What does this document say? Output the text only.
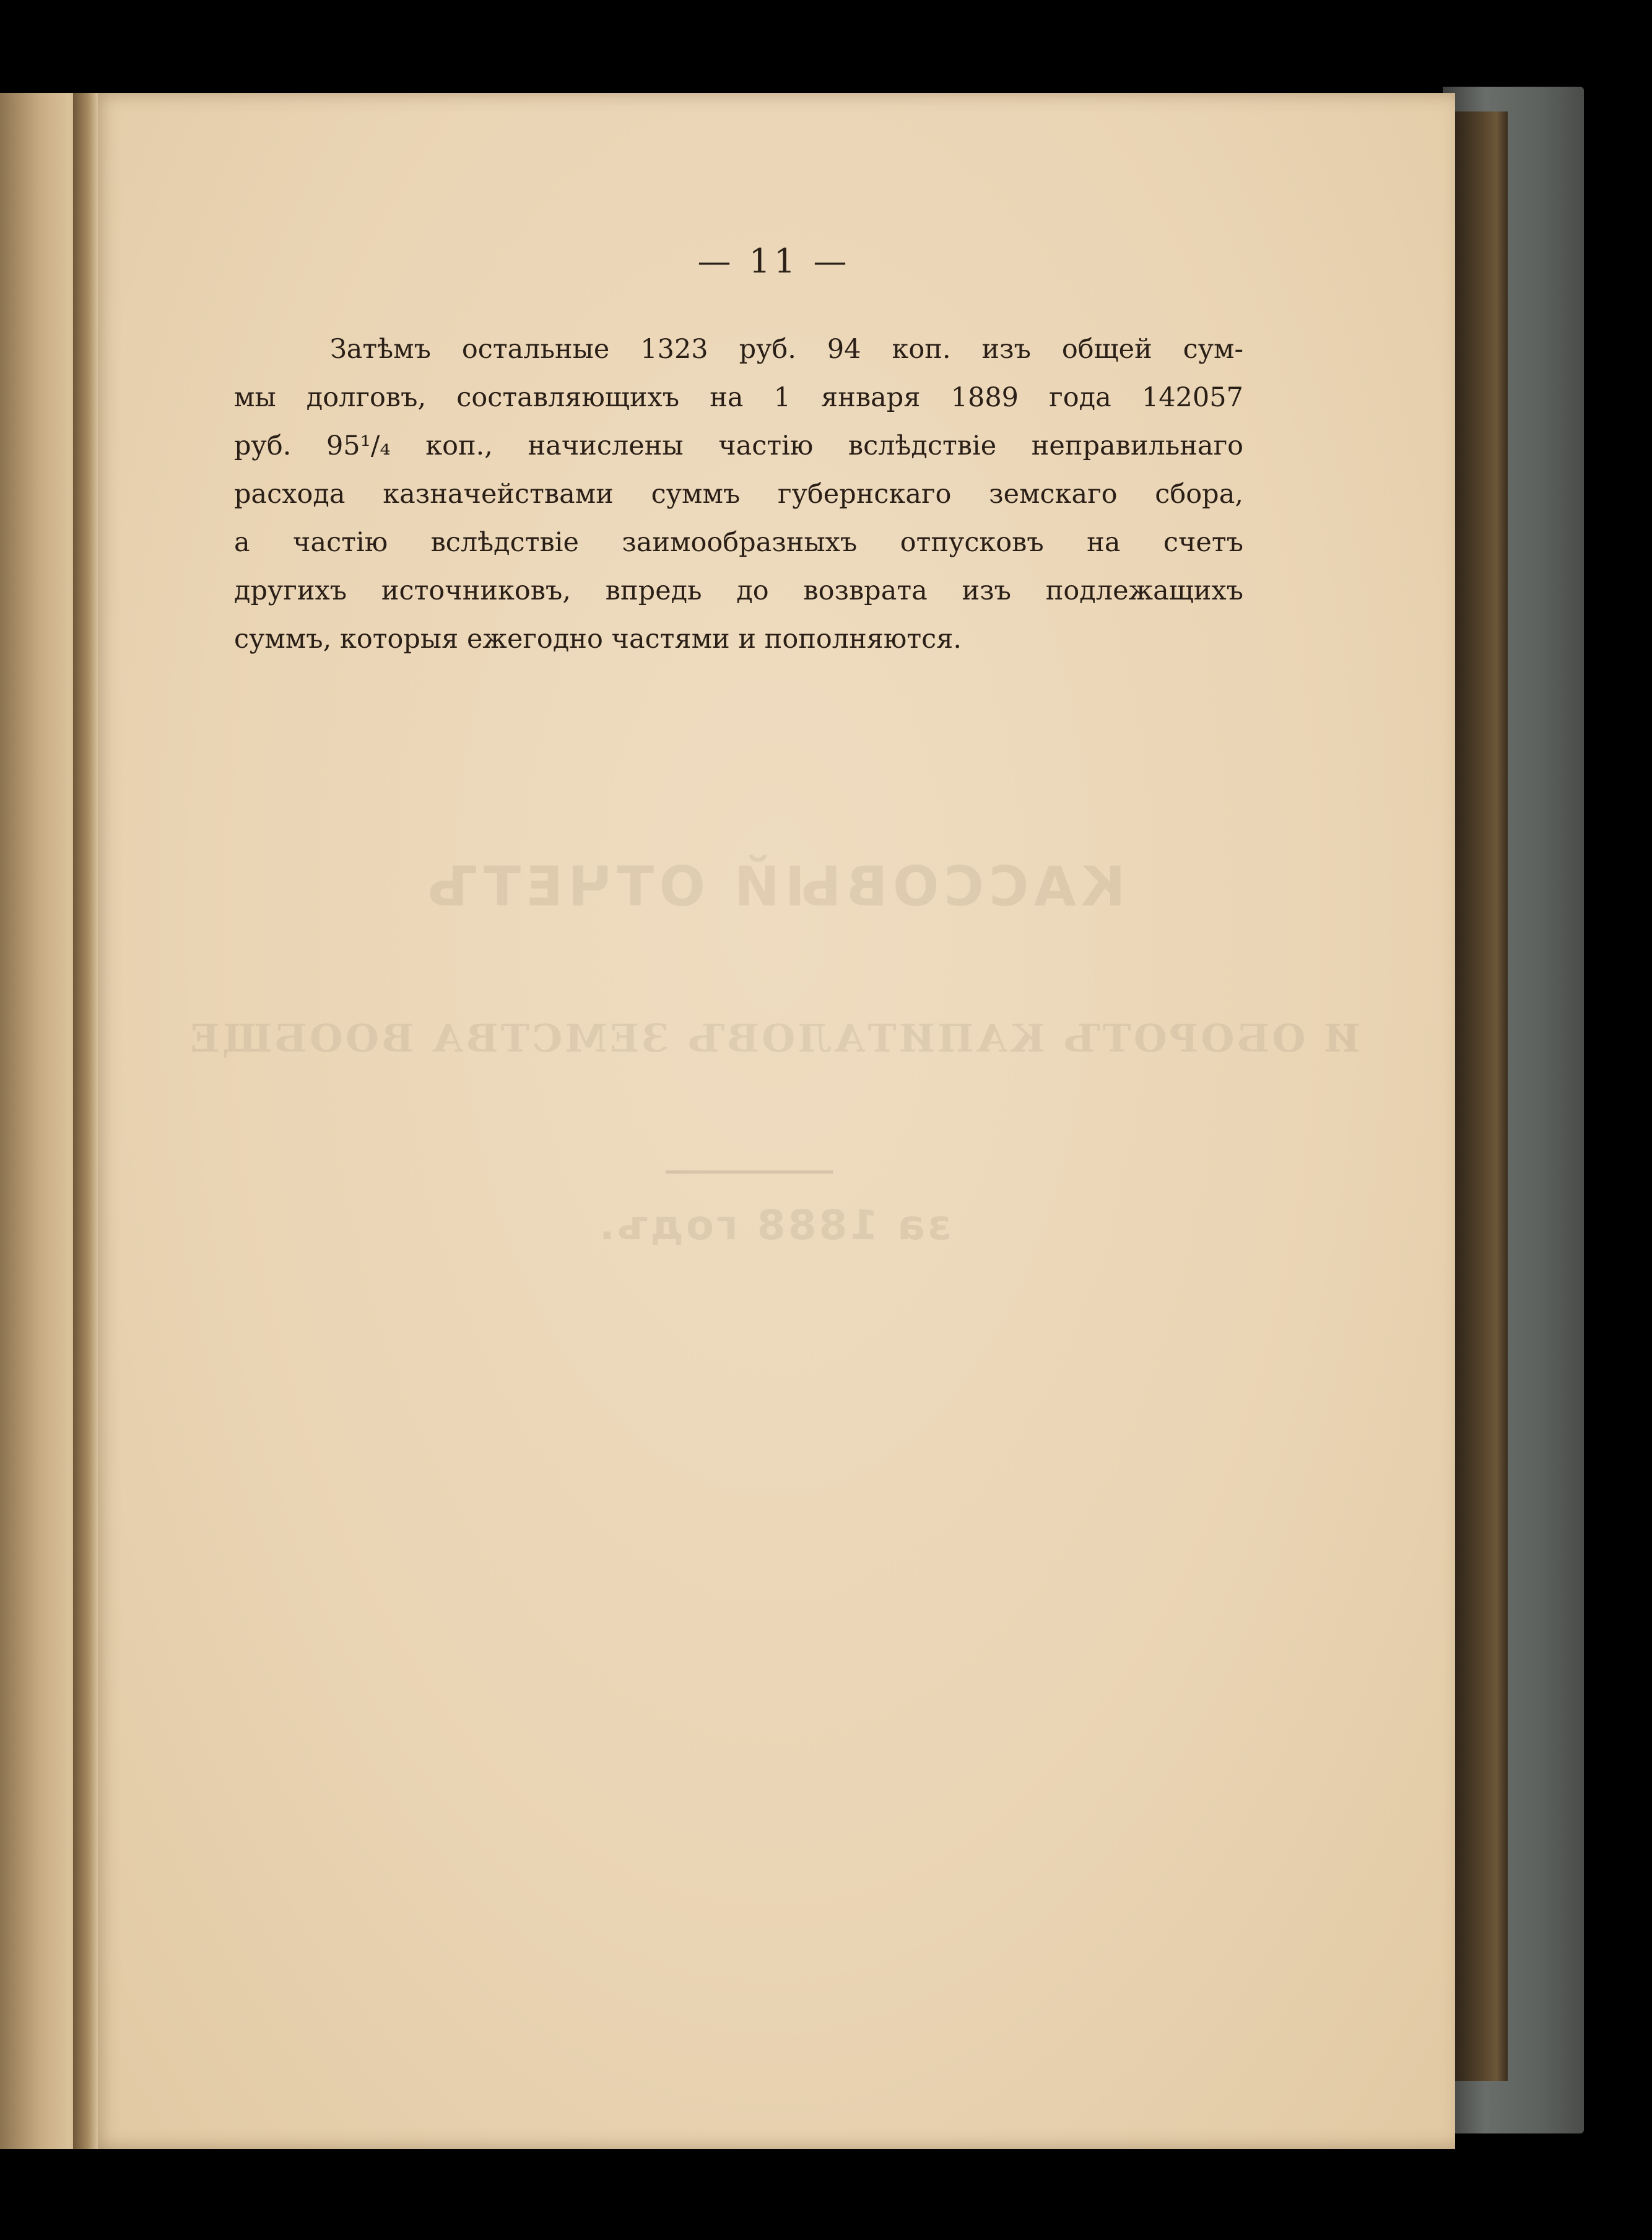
КАССОВЫЙ ОТЧЕТЪ
И ОБОРОТЪ КАПИТАЛОВЪ ЗЕМСТВА ВООБЩЕ
за 1888 годъ.
— 11 —
Затѣмъ остальные 1323 руб. 94 коп. изъ общей сум-
мы долговъ, составляющихъ на 1 января 1889 года 142057
руб. 95¹/₄ коп., начислены частію вслѣдствіе неправильнаго
расхода казначействами суммъ губернскаго земскаго сбора,
а частію вслѣдствіе заимообразныхъ отпусковъ на счетъ
другихъ источниковъ, впредь до возврата изъ подлежащихъ
суммъ, которыя ежегодно частями и пополняются.
